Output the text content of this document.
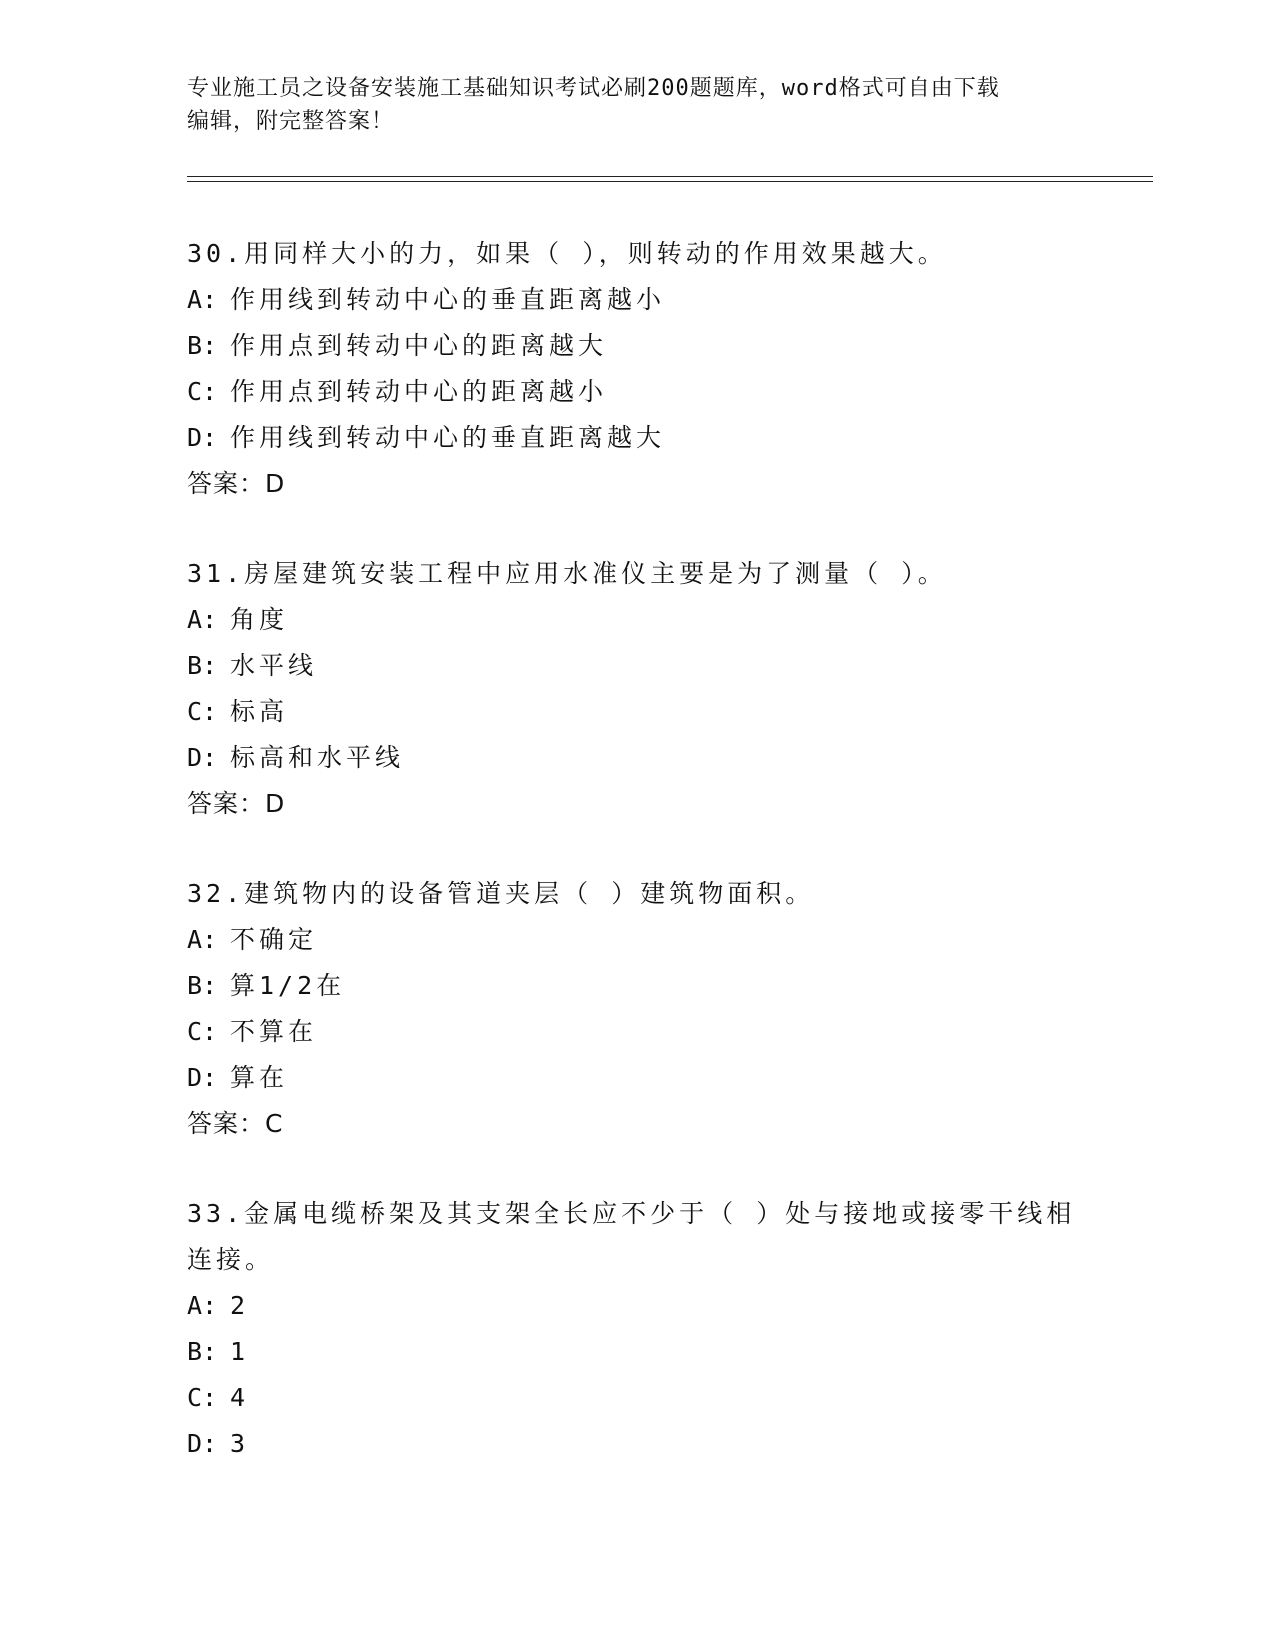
专业施工员之设备安装施工基础知识考试必刷200题题库，word格式可自由下载
编辑，附完整答案！
30.用同样大小的力，如果（ ），则转动的作用效果越大。
A: 作用线到转动中心的垂直距离越小
B: 作用点到转动中心的距离越大
C: 作用点到转动中心的距离越小
D: 作用线到转动中心的垂直距离越大
答案：D
31.房屋建筑安装工程中应用水准仪主要是为了测量（ ）。
A: 角度
B: 水平线
C: 标高
D: 标高和水平线
答案：D
32.建筑物内的设备管道夹层（ ）建筑物面积。
A: 不确定
B: 算1/2在
C: 不算在
D: 算在
答案：C
33.金属电缆桥架及其支架全长应不少于（ ）处与接地或接零干线相连接。
A: 2
B: 1
C: 4
D: 3
